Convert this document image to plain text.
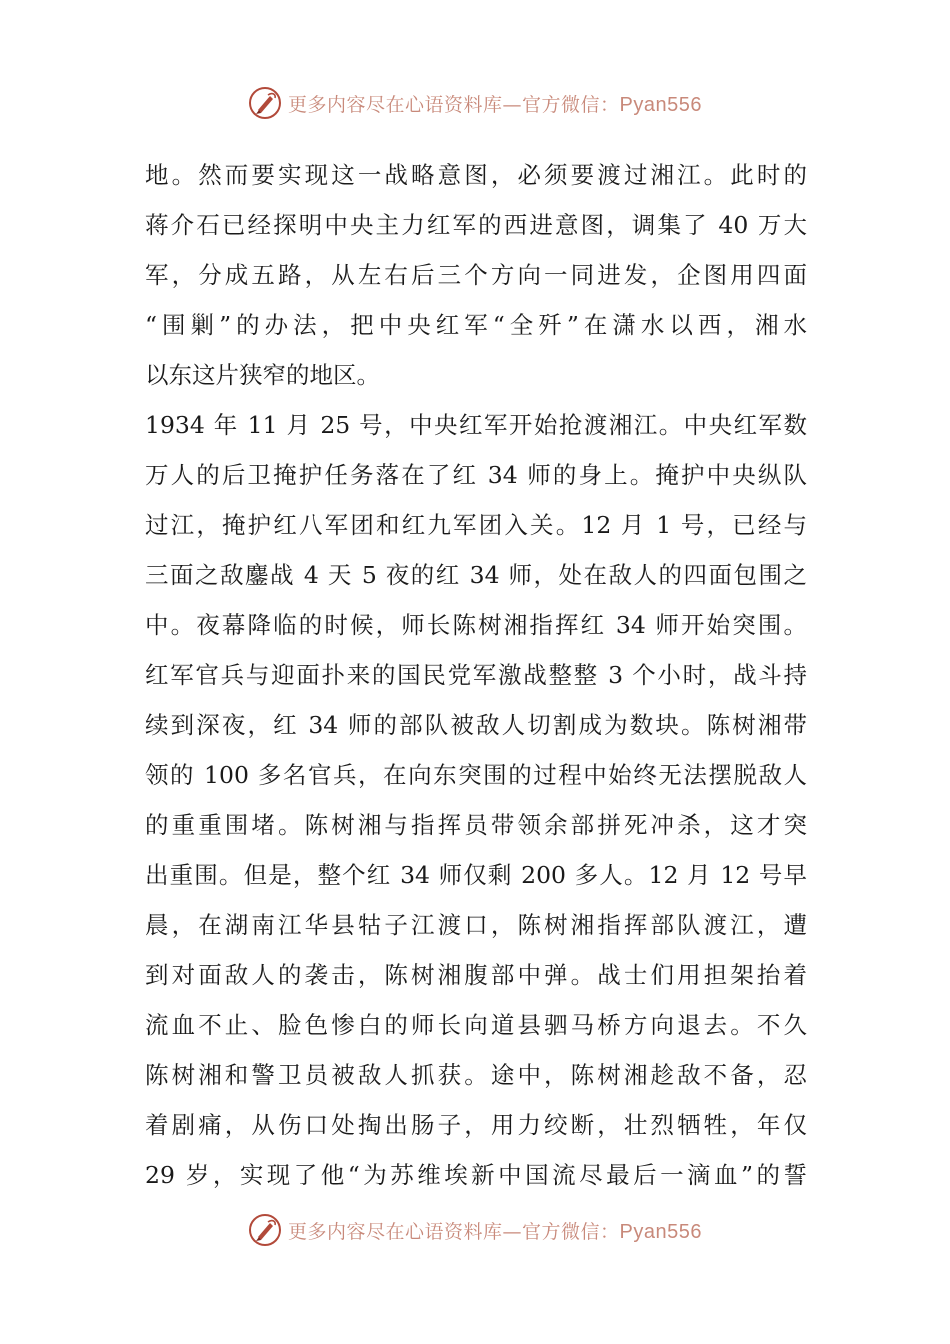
更多内容尽在心语资料库—官方微信：Pyan556
地。然而要实现这一战略意图，必须要渡过湘江。此时的
蒋介石已经探明中央主力红军的西进意图，调集了 40 万大
军，分成五路，从左右后三个方向一同进发，企图用四面
“围剿”的办法，把中央红军“全歼”在潇水以西，湘水
以东这片狭窄的地区。
1934 年 11 月 25 号，中央红军开始抢渡湘江。中央红军数
万人的后卫掩护任务落在了红 34 师的身上。掩护中央纵队
过江，掩护红八军团和红九军团入关。12 月 1 号，已经与
三面之敌鏖战 4 天 5 夜的红 34 师，处在敌人的四面包围之
中。夜幕降临的时候，师长陈树湘指挥红 34 师开始突围。
红军官兵与迎面扑来的国民党军激战整整 3 个小时，战斗持
续到深夜，红 34 师的部队被敌人切割成为数块。陈树湘带
领的 100 多名官兵，在向东突围的过程中始终无法摆脱敌人
的重重围堵。陈树湘与指挥员带领余部拼死冲杀，这才突
出重围。但是，整个红 34 师仅剩 200 多人。12 月 12 号早
晨，在湖南江华县牯子江渡口，陈树湘指挥部队渡江，遭
到对面敌人的袭击，陈树湘腹部中弹。战士们用担架抬着
流血不止、脸色惨白的师长向道县驷马桥方向退去。不久
陈树湘和警卫员被敌人抓获。途中，陈树湘趁敌不备，忍
着剧痛，从伤口处掏出肠子，用力绞断，壮烈牺牲，年仅
29 岁，实现了他“为苏维埃新中国流尽最后一滴血”的誓
更多内容尽在心语资料库—官方微信：Pyan556
